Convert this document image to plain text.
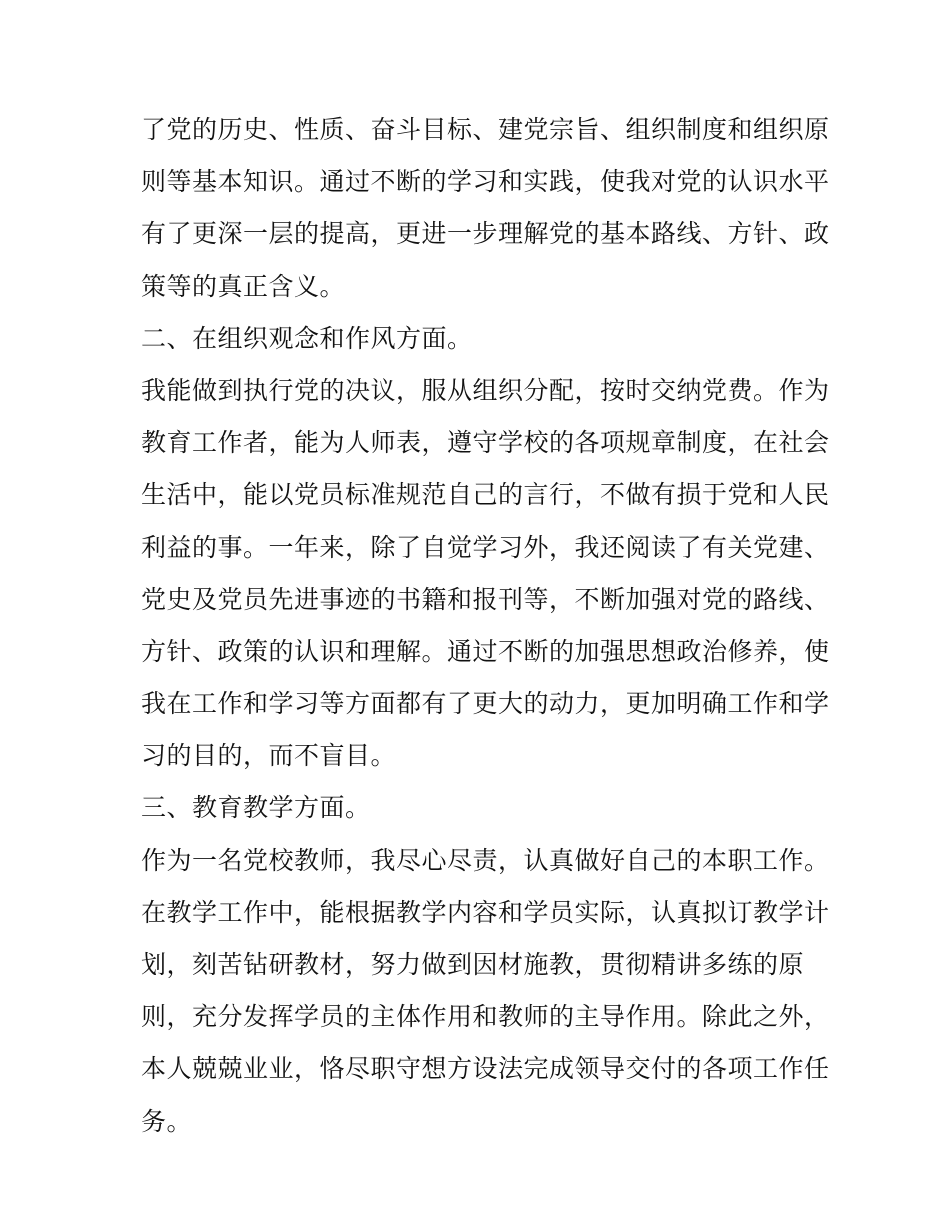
了党的历史、性质、奋斗目标、建党宗旨、组织制度和组织原
则等基本知识。通过不断的学习和实践，使我对党的认识水平
有了更深一层的提高，更进一步理解党的基本路线、方针、政
策等的真正含义。
二、在组织观念和作风方面。
我能做到执行党的决议，服从组织分配，按时交纳党费。作为
教育工作者，能为人师表，遵守学校的各项规章制度，在社会
生活中，能以党员标准规范自己的言行，不做有损于党和人民
利益的事。一年来，除了自觉学习外，我还阅读了有关党建、
党史及党员先进事迹的书籍和报刊等，不断加强对党的路线、
方针、政策的认识和理解。通过不断的加强思想政治修养，使
我在工作和学习等方面都有了更大的动力，更加明确工作和学
习的目的，而不盲目。
三、教育教学方面。
作为一名党校教师，我尽心尽责，认真做好自己的本职工作。
在教学工作中，能根据教学内容和学员实际，认真拟订教学计
划，刻苦钻研教材，努力做到因材施教，贯彻精讲多练的原
则，充分发挥学员的主体作用和教师的主导作用。除此之外，
本人兢兢业业，恪尽职守想方设法完成领导交付的各项工作任
务。
